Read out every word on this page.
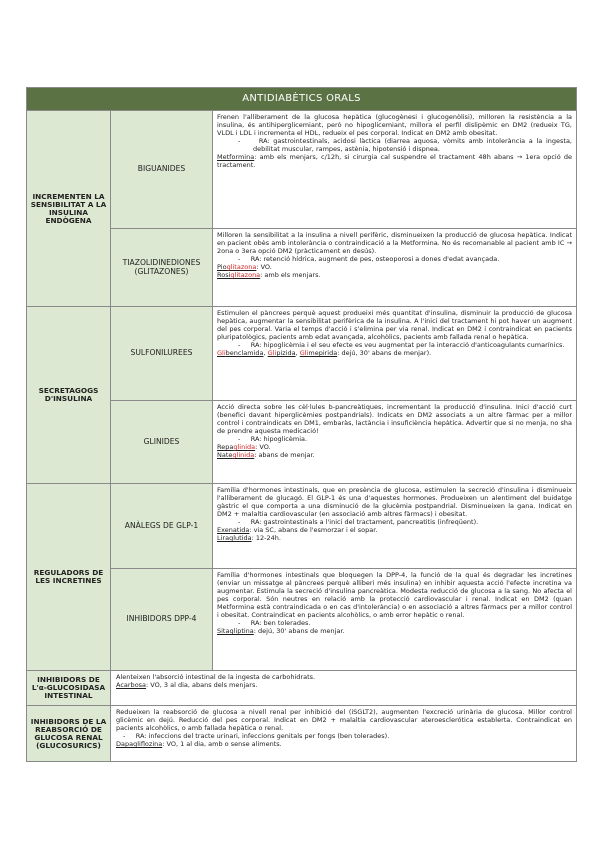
ANTIDIABÈTICS ORALS
INCREMENTEN LA SENSIBILITAT A LA INSULINA ENDÒGENA
BIGUANIDES

Frenen l'alliberament de la glucosa hepàtica (glucogènesi i glucogenòlisi), milloren la resistència a la insulina, és antihiperglicemiant, però no hipoglicemiant, millora el perfil dislipèmic en DM2 (redueix TG, VLDL i LDL i incrementa el HDL, redueix el pes corporal. Indicat en DM2 amb obesitat.

-     RA: gastrointestinals, acidosi làctica (diarrea aquosa, vòmits amb intolerància a la ingesta, debilitat muscular, rampes, astènia, hipotensió i dispnea.

Metformina: amb els menjars, c/12h, si cirurgia cal suspendre el tractament 48h abans → 1era opció de tractament.

TIAZOLIDINEDIONES (GLITAZONES)

Milloren la sensibilitat a la insulina a nivell perifèric, disminueixen la producció de glucosa hepàtica. Indicat en pacient obès amb intolerància o contraindicació a la Metformina. No és recomanable al pacient amb IC → 2ona o 3era opció DM2 (pràcticament en desús).

-     RA: retenció hídrica, augment de pes, osteoporosi a dones d'edat avançada.

Pioglitazona: VO.

Rosiglitazona: amb els menjars.

SECRETAGOGS D'INSULINA
SULFONILUREES

Estimulen el pàncrees perquè aquest produeixi més quantitat d'insulina, disminuir la producció de glucosa hepàtica, augmentar la sensibilitat perifèrica de la insulina. A l'inici del tractament hi pot haver un augment del pes corporal. Varia el temps d'acció i s'elimina per via renal. Indicat en DM2 i contraindicat en pacients pluripatològics, pacients amb edat avançada, alcohòlics, pacients amb fallada renal o hepàtica.

-     RA: hipoglicèmia i el seu efecte es veu augmentat per la interacció d'anticoagulants cumarínics.

Glibenclamida, Glipizida, Glimepirida: dejú, 30' abans de menjar).

GLINIDES

Acció directa sobre les cèl·lules b-pancreàtiques, incrementant la producció d'insulina. Inici d'acció curt (benefici davant hiperglicèmies postpandrials). Indicats en DM2 associats a un altre fàrmac per a millor control i contraindicats en DM1, embaràs, lactància i insuficiència hepàtica. Advertir que si no menja, no sha de prendre aquesta medicació!

-     RA: hipoglicèmia.

Repaglinida: VO.

Nateglinida: abans de menjar.

REGULADORS DE LES INCRETINES
ANÀLEGS DE GLP-1

Família d'hormones intestinals, que en presència de glucosa, estimulen la secreció d'insulina i disminueix l'alliberament de glucagó. El GLP-1 és una d'aquestes hormones. Produeixen un alentiment del buidatge gàstric el que comporta a una disminució de la glucèmia postpandrial. Disminueixen la gana. Indicat en DM2 + malaltia cardiovascular (en associació amb altres fàrmacs) i obesitat.

-     RA: gastrointestinals a l'inici del tractament, pancreatitis (infreqüent).

Exenatida: via SC, abans de l'esmorzar i el sopar.

Liraglutida: 12-24h.

INHIBIDORS DPP-4

Família d'hormones intestinals que bloquegen la DPP-4, la funció de la qual és degradar les incretines (enviar un missatge al pàncrees perquè alliberi més insulina) en inhibir aquesta acció l'efecte incretina va augmentar. Estimula la secreció d'insulina pancreàtica. Modesta reducció de glucosa a la sang. No afecta el pes corporal. Són neutres en relació amb la protecció cardiovascular i renal. Indicat en DM2 (quan Metformina està contraindicada o en cas d'intolerància) o en associació a altres fàrmacs per a millor control i obesitat. Contraindicat en pacients alcohòlics, o amb error hepàtic o renal.

-     RA: ben tolerades.

Sitagliptina: dejú, 30' abans de menjar.

INHIBIDORS DE L'α-GLUCOSIDASA INTESTINAL

Alenteixen l'absorció intestinal de la ingesta de carbohidrats.

Acarbosa: VO, 3 al dia, abans dels menjars.

INHIBIDORS DE LA REABSORCIÓ DE GLUCOSA RENAL (GLUCOSURICS)

Redueixen la reabsorció de glucosa a nivell renal per inhibició del (iSGLT2), augmenten l'excreció urinària de glucosa. Millor control glicèmic en dejú. Reducció del pes corporal. Indicat en DM2 + malaltia cardiovascular ateroesclerótica establerta. Contraindicat en pacients alcohòlics, o amb fallada hepàtica o renal.

-     RA: infeccions del tracte urinari, infeccions genitals per fongs (ben tolerades).

Dapagliflozina: VO, 1 al dia, amb o sense aliments.
